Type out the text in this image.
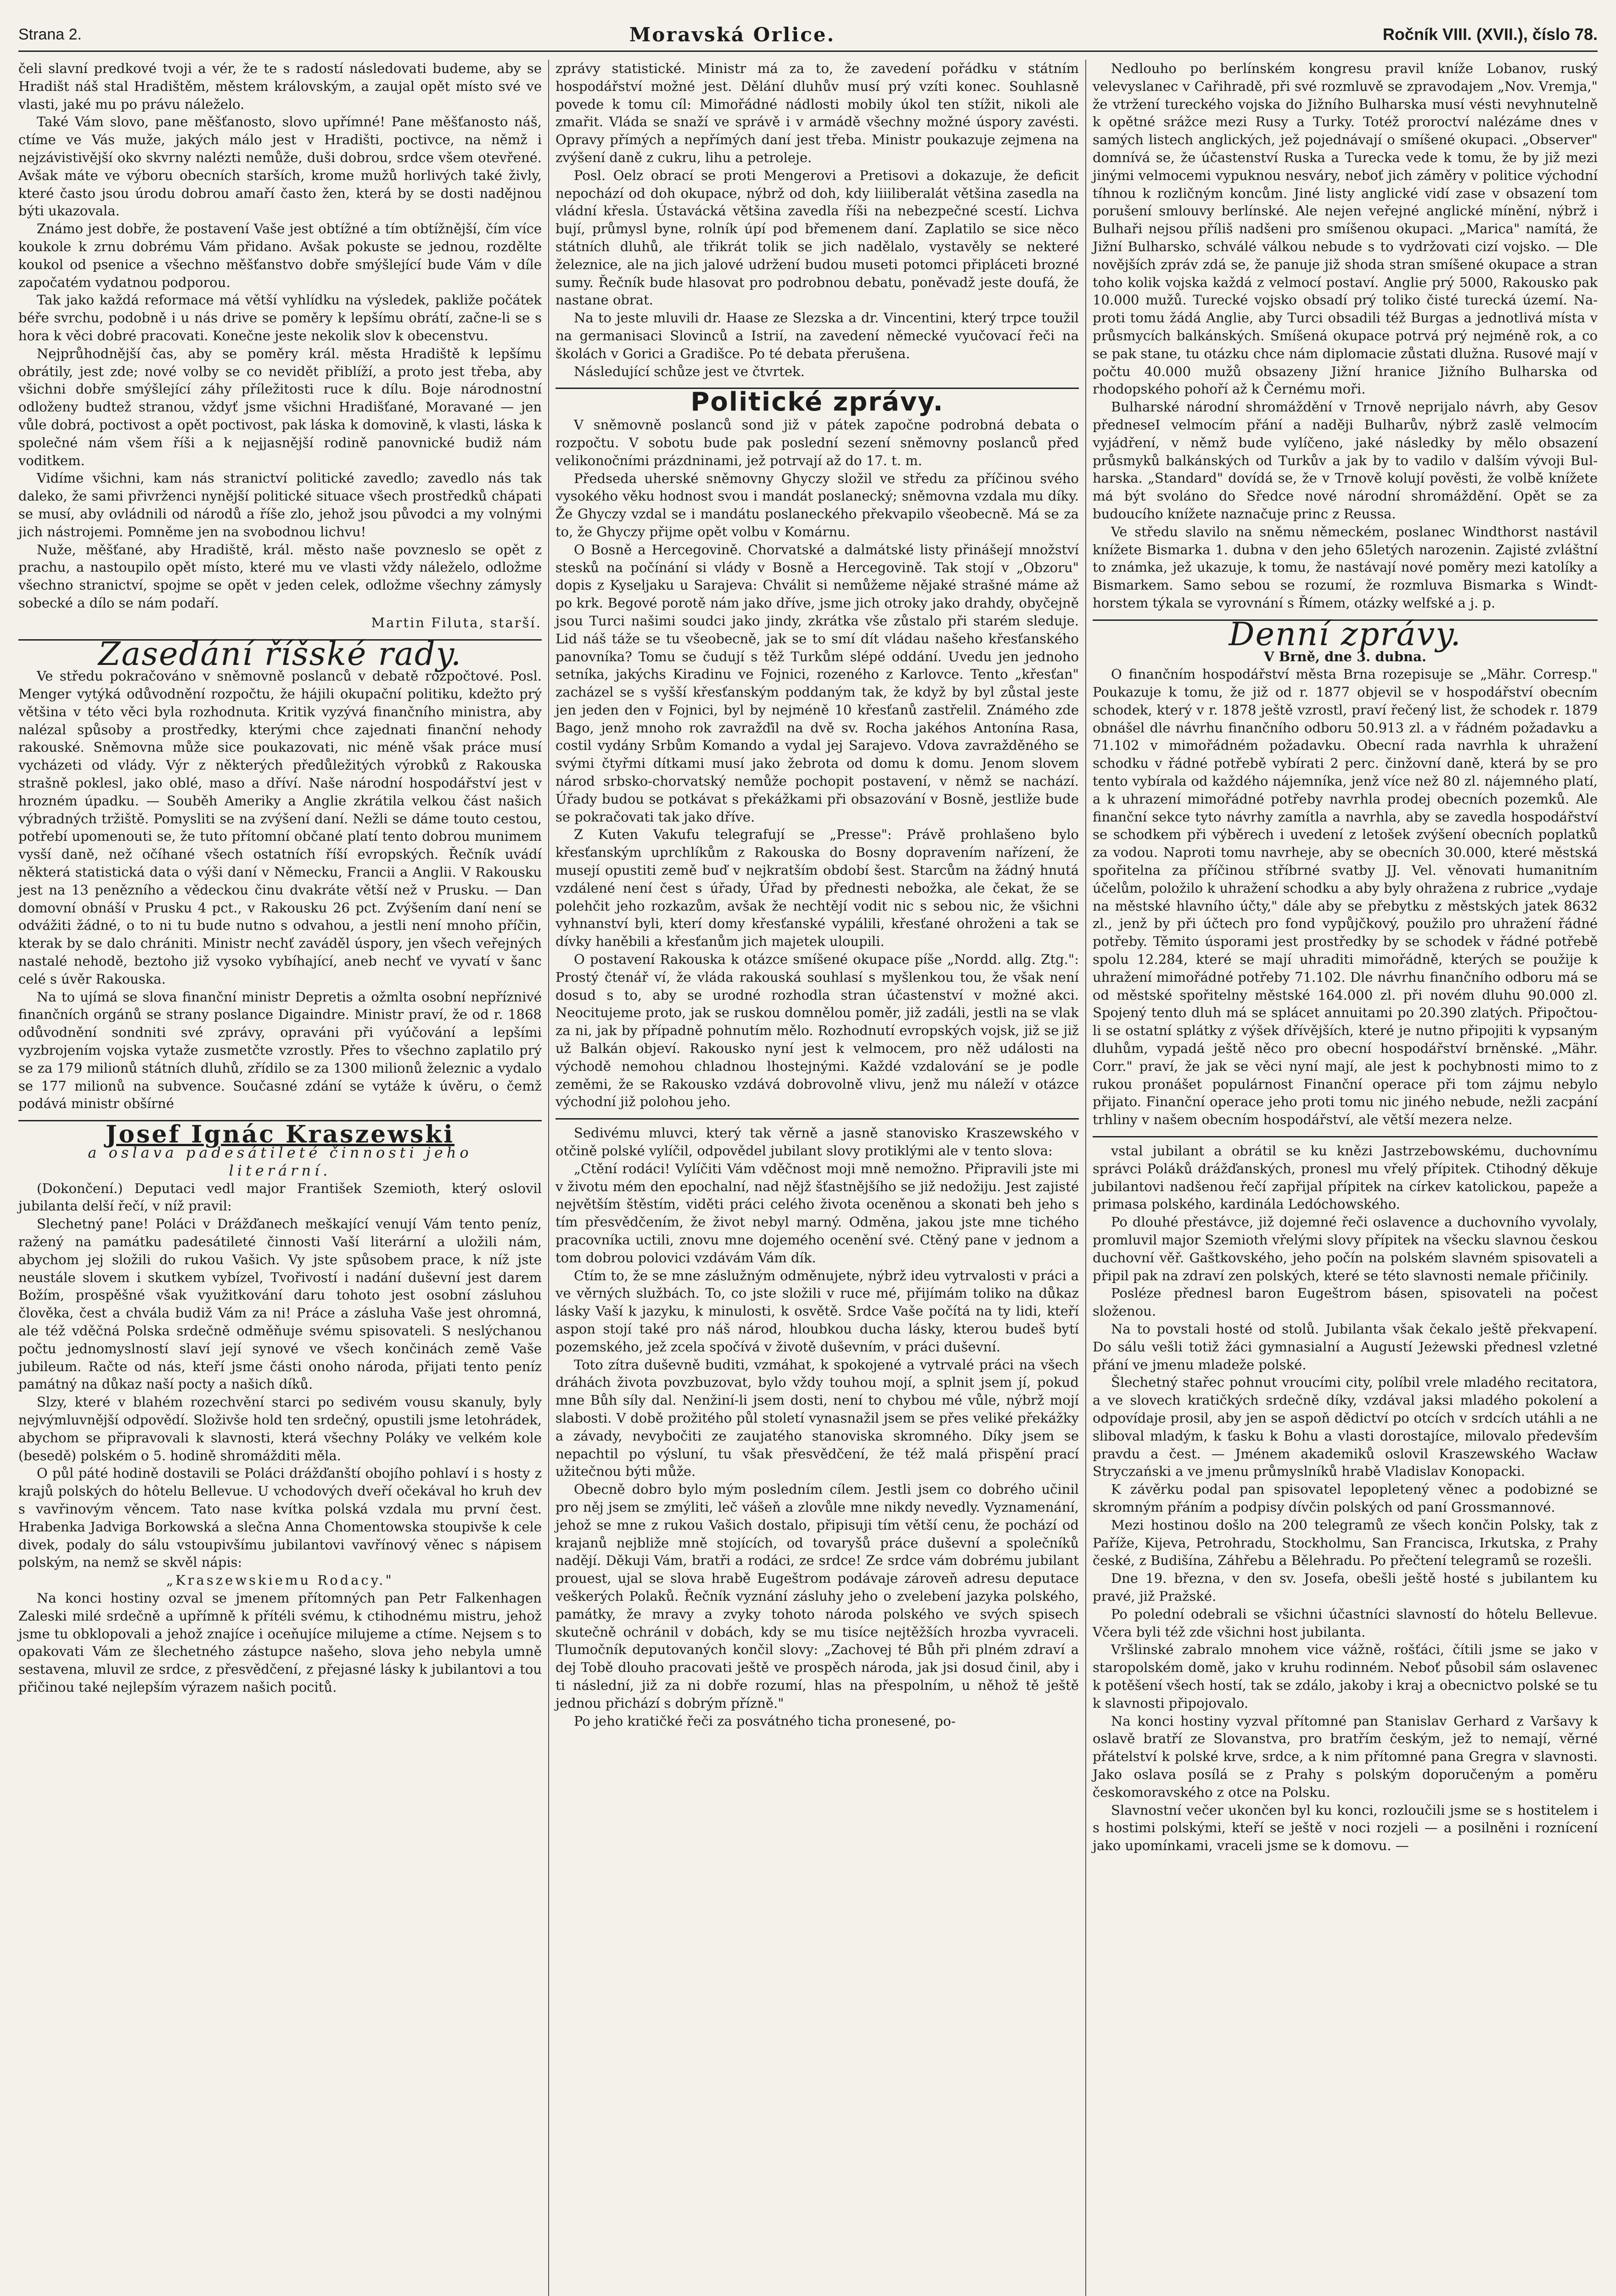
Strana 2.	Moravská Orlice.	Ročník VIII. (XVII.), číslo 78.

čeli slavní predkové tvoji a vér, že te s radostí následovati budeme, aby se Hradišt náš stal Hradištěm, městem královským, a zaujal opět místo své ve vlasti, jaké mu po právu náleželo.

Také Vám slovo, pane měšťanosto, slovo upřímné! Pane měšťanosto náš, ctíme ve Vás muže, jakých málo jest v Hradišti, poctivce, na němž i nejzávistivější oko skvrny nalézti nemůže, duši dobrou, srdce všem otevřené. Avšak máte ve výboru obecních starších, krome mužů horlivých také živly, které často jsou úrodu dobrou amaří často žen, která by se dosti nadějnou býti ukazovala.

Známo jest dobře, že postavení Vaše jest obtížné a tím obtížnější, čím více koukole k zrnu dobrému Vám přidano. Avšak pokuste se jednou, rozdělte koukol od psenice a všechno měšťanstvo dobře smýšlející bude Vám v díle započatém vydatnou podporou.

Tak jako každá reformace má větší vyhlídku na výsledek, pakliže počátek béře svrchu, podobně i u nás drive se poměry k lepšímu obrátí, začne-li se s hora k věci dobré pracovati. Konečne jeste nekolik slov k obecenstvu.

Nejprůhodnější čas, aby se poměry král. města Hradiště k lepšímu obrátily, jest zde; nové volby se co nevidět přiblíží, a proto jest třeba, aby všichni dobře smýšlející záhy příležitosti ruce k dílu. Boje národnostní odloženy budtež stranou, vždyť jsme všichni Hradišťané, Moravané — jen vůle dobrá, poctivost a opět poctivost, pak láska k domovině, k vlasti, láska k společné nám všem říši a k nejjasnější rodině panovnické budiž nám voditkem.

Vidíme všichni, kam nás stranictví politické zavedlo; zavedlo nás tak daleko, že sami přivrženci nynější politické situace všech prostředků chápati se musí, aby ovládnili od národů a říše zlo, jehož jsou původci a my volnými jich nástrojemi. Pomněme jen na svobodnou lichvu!

Nuže, měšťané, aby Hradiště, král. město naše povzneslo se opět z prachu, a nastoupilo opět místo, které mu ve vlasti vždy náleželo, odložme všechno stranictví, spojme se opět v jeden celek, odložme všechny zámysly sobecké a dílo se nám podaří.

Martin Filuta, starší.
Zasedání říšské rady.

Ve středu pokračováno v sněmovně poslanců v debatě rozpočtové. Posl. Menger vytýká odůvodnění rozpočtu, že hájili okupační politiku, kdežto prý většina v této věci byla rozhodnuta. Kritik vyzývá finančního ministra, aby nalézal spůsoby a prostředky, kterými chce zajednati finanční nehody rakouské. Sněmovna může sice poukazovati, nic méně však práce musí vycházeti od vlády. Výr z některých předůležitých výrobků z Rakouska strašně poklesl, jako oblé, maso a dříví. Naše národní hospodářství jest v hrozném úpadku. — Souběh Ameriky a Anglie zkrátila velkou část našich výbradných tržiště. Pomysliti se na zvýšení daní. Nežli se dáme touto cestou, potřebí upomenouti se, že tuto přítomní občané platí tento dobrou munimem vysší daně, než očíhané všech ostatních říší evropských. Řečník uvádí některá statistická data o výši daní v Německu, Francii a Anglii. V Rakousku jest na 13 penězního a vědeckou činu dvakráte větší než v Prusku. — Dan domovní obnáší v Prusku 4 pct., v Rakousku 26 pct. Zvýšením daní není se odvážiti žádné, o to ni tu bude nutno s odvahou, a jestli není mnoho příčin, kterak by se dalo chrániti. Ministr nechť zaváděl úspory, jen všech veřejných nastalé nehodě, beztoho již vysoko vybíhající, aneb nechť ve vyvatí v šanc celé s úvěr Rakouska.

Na to ujímá se slova finanční ministr Depretis a ožmlta osobní nepříznivé finančních orgánů se strany poslance Digaindre. Ministr praví, že od r. 1868 odůvodnění sondniti své zprávy, opraváni při vyúčování a lepšími vyzbrojením vojska vytaže zusmetčte vzrostly. Přes to všechno zaplatilo prý se za 179 milionů státních dluhů, zřídilo se za 1300 milionů železnic a vydalo se 177 milionů na subvence. Současné zdání se vytáže k úvěru, o čemž podává ministr obšírné

Josef Ignác Kraszewski
a oslava padesátileté činnosti jeho
literární.

(Dokončení.) Deputaci vedl major František Szemioth, který oslovil jubilanta delší řečí, v níž pravil:

Slechetný pane! Poláci v Drážďanech meškající venují Vám tento peníz, ražený na památku padesátileté činnosti Vaší literární a uložili nám, abychom jej složili do rukou Vašich. Vy jste spůsobem prace, k níž jste neustále slovem i skutkem vybízel, Tvořivostí i nadání duševní jest darem Božím, prospěšné však využitkování daru tohoto jest osobní zásluhou člověka, čest a chvála budiž Vám za ni! Práce a zásluha Vaše jest ohromná, ale též vděčná Polska srdečně odměňuje svému spisovateli. S neslýchanou počtu jednomyslností slaví její synové ve všech končinách země Vaše jubileum. Račte od nás, kteří jsme části onoho národa, přijati tento peníz památný na důkaz naší pocty a našich díků.

Slzy, které v blahém rozechvění starci po sedivém vousu skanuly, byly nejvýmluvnější odpovědí. Složivše hold ten srdečný, opustili jsme letohrádek, abychom se připravovali k slavnosti, která všechny Poláky ve velkém kole (besedě) polském o 5. hodině shromážditi měla.

O půl páté hodině dostavili se Poláci drážďanští obojího pohlaví i s hosty z krajů polských do hôtelu Bellevue. U vchodových dveří očekával ho kruh dev s vavřinovým věncem. Tato nase kvítka polská vzdala mu první čest. Hrabenka Jadviga Borkowská a slečna Anna Chomentowska stoupivše k cele divek, podaly do sálu vstoupivšímu jubilantovi vavřínový věnec s nápisem polským, na nemž se skvěl nápis:

„Kraszewskiemu Rodacy."

Na konci hostiny ozval se jmenem přítomných pan Petr Falkenhagen Zaleski milé srdečně a upřímně k přítéli svému, k ctihodnému mistru, jehož jsme tu obklopovali a jehož znajíce i oceňujíce milujeme a ctíme. Nejsem s to opakovati Vám ze šlechetného zástupce našeho, slova jeho nebyla umně sestavena, mluvil ze srdce, z přesvědčení, z přejasné lásky k jubilantovi a tou přičinou také nejlepším výrazem našich pocitů.

zprávy statistické. Ministr má za to, že zavedení pořádku v státním hospodářství možné jest. Dělání dluhův musí prý vzíti konec. Souhlasně povede k tomu cíl: Mimořádné nádlosti mobily úkol ten stížit, nikoli ale zmařit. Vláda se snaží ve správě i v armádě všechny možné úspory zavésti. Opravy přímých a nepřímých daní jest třeba. Ministr poukazuje zejmena na zvýšení daně z cukru, lihu a petroleje.

Posl. Oelz obrací se proti Mengerovi a Pretisovi a dokazuje, že deficit nepochází od doh okupace, nýbrž od doh, kdy liiiliberalát většina zasedla na vládní křesla. Ústavácká většina zavedla říši na nebezpečné scestí. Lichva bují, průmysl byne, rolník úpí pod břemenem daní. Zaplatilo se sice něco státních dluhů, ale třikrát tolik se jich nadělalo, vystavěly se nekteré železnice, ale na jich jalové udržení budou museti potomci připláceti brozné sumy. Řečník bude hlasovat pro podrobnou debatu, poněvadž jeste doufá, že nastane obrat.

Na to jeste mluvili dr. Haase ze Slezska a dr. Vincentini, který trpce toužil na germanisaci Slovinců a Istrií, na zavedení německé vyučovací řeči na školách v Gorici a Gradišce. Po té debata přerušena.

Následující schůze jest ve čtvrtek.

Politické zprávy.

V sněmovně poslanců sond již v pátek započne podrobná debata o rozpočtu. V sobotu bude pak poslední sezení sněmovny poslanců před velikonočními prázdninami, jež potrvají až do 17. t. m.

Předseda uherské sněmovny Ghyczy složil ve středu za příčinou svého vysokého věku hodnost svou i mandát poslanecký; sněmovna vzdala mu díky. Že Ghyczy vzdal se i mandátu poslaneckého překvapilo všeobecně. Má se za to, že Ghyczy přijme opět volbu v Komárnu.

O Bosně a Hercegovině. Chorvatské a dalmátské listy přinášejí množství stesků na počínání si vlády v Bosně a Hercegovině. Tak stojí v „Obzoru" dopis z Kyseljaku u Sarajeva: Chválit si nemůžeme nějaké strašné máme až po krk. Begové porotě nám jako dříve, jsme jich otroky jako drahdy, obyčejně jsou Turci našimi soudci jako jindy, zkrátka vše zůstalo při starém sleduje. Lid náš táže se tu všeobecně, jak se to smí dít vládau našeho křesťanského panovníka? Tomu se čudují s těž Turkům slépé oddání. Uvedu jen jednoho setníka, jakýchs Kiradinu ve Fojnici, rozeného z Karlovce. Tento „křesťan" zacházel se s vyšší křesťanským poddaným tak, že když by byl zůstal jeste jen jeden den v Fojnici, byl by nejméně 10 křesťanů zastřelil. Známého zde Bago, jenž mnoho rok zavražďil na dvě sv. Rocha jakéhos Antonína Rasa, costil vydány Srbům Komando a vydal jej Sarajevo. Vdova zavražděného se svými čtyřmi dítkami musí jako žebrota od domu k domu. Jenom slovem národ srbsko-chorvatský nemůže pochopit postavení, v němž se nachází. Úřady budou se potkávat s překážkami při obsazování v Bosně, jestliže bude se pokračovati tak jako dříve.

Z Kuten Vakufu telegrafují se „Presse": Právě prohlašeno bylo křesťanským uprchlíkům z Rakouska do Bosny dopravením nařízení, že musejí opustiti země buď v nejkratším období šest. Starcům na žádný hnutá vzdálené není čest s úřady, Úřad by přednesti nebožka, ale čekat, že se polehčit jeho rozkazům, avšak že nechtějí vodit nic s sebou nic, že všichni vyhnanství byli, kterí domy křesťanské vypálili, křesťané ohroženi a tak se dívky haněbili a křesťanům jich majetek uloupili.

O postavení Rakouska k otázce smíšené okupace píše „Nordd. allg. Ztg.": Prostý čtenář ví, že vláda rakouská souhlasí s myšlenkou tou, že však není dosud s to, aby se urodné rozhodla stran účastenství v možné akci. Neocitujeme proto, jak se ruskou domnělou poměr, již zadáli, jestli na se vlak za ni, jak by případně pohnutím mělo. Rozhodnutí evropských vojsk, již se již už Balkán objeví. Rakousko nyní jest k velmocem, pro něž události na východě nemohou chladnou lhostejnými. Každé vzdalování se je podle zeměmi, že se Rakousko vzdává dobrovolně vlivu, jenž mu náleží v otázce východní již polohou jeho.

Sedivému mluvci, který tak věrně a jasně stanovisko Kraszewského v otčině polské vylíčil, odpovědel jubilant slovy protiklými ale v tento slova:

„Ctění rodáci! Vylíčiti Vám vděčnost moji mně nemožno. Připravili jste mi v životu mém den epochalní, nad nějž šťastnějšího se již nedožiju. Jest zajisté největším štěstím, viděti práci celého života oceněnou a skonati beh jeho s tím přesvědčením, že život nebyl marný. Odměna, jakou jste mne tichého pracovníka uctili, znovu mne dojemého ocenění své. Ctěný pane v jednom a tom dobrou polovici vzdávám Vám dík.

Ctím to, že se mne záslužným odměnujete, nýbrž ideu vytrvalosti v práci a ve věrných službách. To, co jste složili v ruce mé, přijímám toliko na důkaz lásky Vaší k jazyku, k minulosti, k osvětě. Srdce Vaše počítá na ty lidi, kteří aspon stojí také pro náš národ, hloubkou ducha lásky, kterou budeš bytí pozemského, jež zcela spočívá v životě duševním, v práci duševní.

Toto zítra duševně buditi, vzmáhat, k spokojené a vytrvalé práci na všech dráhách života povzbuzovat, bylo vždy touhou mojí, a splnit jsem jí, pokud mne Bůh síly dal. Nenžiní-li jsem dosti, není to chybou mé vůle, nýbrž mojí slabosti. V době prožitého půl století vynasnažil jsem se přes veliké překážky a závady, nevybočiti ze zaujatého stanoviska skromného. Díky jsem se nepachtil po výsluní, tu však přesvědčení, že též malá přispění prací užitečnou býti může.

Obecně dobro bylo mým posledním cílem. Jestli jsem co dobrého učinil pro něj jsem se zmýliti, leč vášeň a zlovůle mne nikdy nevedly. Vyznamenání, jehož se mne z rukou Vašich dostalo, připisuji tím větší cenu, že pochází od krajanů nejbliže mně stojících, od tovaryšů práce duševní a společníků nadějí. Děkuji Vám, bratři a rodáci, ze srdce! Ze srdce vám dobrému jubilant prouest, ujal se slova hrabě Eugeštrom podávaje zároveň adresu deputace veškerých Polaků. Řečník vyznání zásluhy jeho o zvelebení jazyka polského, památky, že mravy a zvyky tohoto národa polského ve svých spisech skutečně ochránil v dobách, kdy se mu tisíce nejtěžších hrozba vyvraceli. Tlumočník deputovaných končil slovy: „Zachovej té Bůh při plném zdraví a dej Tobě dlouho pracovati ještě ve prospěch národa, jak jsi dosud činil, aby i ti následní, již za ni dobře rozumí, hlas na přespolním, u něhož tě ještě jednou přichází s dobrým přízně."

Po jeho kratičké řeči za posvátného ticha pronesené, po-

Nedlouho po berlínském kongresu pravil kníže Lobanov, ruský velevyslanec v Cařihradě, při své rozmluvě se zpravodajem „Nov. Vremja," že vtržení tureckého vojska do Jižního Bulharska musí vésti nevyhnutelně k opětné srážce mezi Rusy a Turky. Totéž proroctví nalézáme dnes v samých listech anglických, jež pojednávají o smíšené okupaci. „Observer" domnívá se, že účastenství Ruska a Turecka vede k tomu, že by již mezi jinými velmocemi vypuknou nesváry, neboť jich záměry v politice východní tíhnou k rozličným koncům. Jiné listy anglické vidí zase v obsazení tom porušení smlouvy berlínské. Ale nejen veřejné anglické mínění, nýbrž i Bulhaři nejsou příliš nadšeni pro smíšenou okupaci. „Marica" namítá, že Jižní Bulharsko, schválé válkou nebude s to vydržovati cizí vojsko. — Dle novějších zpráv zdá se, že panuje již shoda stran smíšené okupace a stran toho kolik vojska každá z velmocí postaví. Anglie prý 5000, Rakousko pak 10.000 mužů. Turecké vojsko obsadí prý toliko čisté turecká území. Naproti tomu žádá Anglie, aby Turci obsadili též Burgas a jednotlivá místa v průsmycích balkánských. Smíšená okupace potrvá prý nejméně rok, a co se pak stane, tu otázku chce nám diplomacie zůstati dlužna. Rusové mají v počtu 40.000 mužů obsazeny Jižní hranice Jižního Bulharska od rhodopského pohoří až k Černému moři.

Bulharské národní shromáždění v Trnově neprijalo návrh, aby Gesov předneseI velmocím přání a naději Bulharův, nýbrž zaslě velmocím vyjádření, v němž bude vylíčeno, jaké následky by mělo obsazení průsmyků balkánských od Turkův a jak by to vadilo v dalším vývoji Bulharska. „Standard" dovídá se, že v Trnově kolují pověsti, že volbě knížete má být svoláno do Sředce nové národní shromáždění. Opět se za budoucího knížete naznačuje princ z Reussa.

Ve středu slavilo na sněmu německém, poslanec Windthorst nastávil knížete Bismarka 1. dubna v den jeho 65letých narozenin. Zajisté zvláštní to známka, jež ukazuje, k tomu, že nastávají nové poměry mezi katolíky a Bismarkem. Samo sebou se rozumí, že rozmluva Bismarka s Windthorstem týkala se vyrovnání s Římem, otázky welfské a j. p.

Denní zprávy.
V Brně, dne 3. dubna.

O finančním hospodářství města Brna rozepisuje se „Mähr. Corresp." Poukazuje k tomu, že již od r. 1877 objevil se v hospodářství obecním schodek, který v r. 1878 ještě vzrostl, praví řečený list, že schodek r. 1879 obnášel dle návrhu finančního odboru 50.913 zl. a v řádném požadavku a 71.102 v mimořádném požadavku. Obecní rada navrhla k uhražení schodku v řádné potřebě vybírati 2 perc. činžovní daně, která by se pro tento vybírala od každého nájemníka, jenž více než 80 zl. nájemného platí, a k uhrazení mimořádné potřeby navrhla prodej obecních pozemků. Ale finanční sekce tyto návrhy zamítla a navrhla, aby se zavedla hospodářství se schodkem při výběrech i uvedení z letošek zvýšení obecních poplatků za vodou. Naproti tomu navrheje, aby se obecních 30.000, které městská spořitelna za příčinou stříbrné svatby JJ. Vel. věnovati humanitním účelům, položilo k uhražení schodku a aby byly ohražena z rubrice „vydaje na městské hlavního účty," dále aby se přebytku z městských jatek 8632 zl., jenž by při účtech pro fond vypůjčkový, použilo pro uhražení řádné potřeby. Těmito úsporami jest prostředky by se schodek v řádné potřebě spolu 12.284, které se mají uhraditi mimořádně, kterých se použije k uhražení mimořádné potřeby 71.102. Dle návrhu finančního odboru má se od městské spořitelny městské 164.000 zl. při novém dluhu 90.000 zl. Spojený tento dluh má se splácet annuitami po 20.390 zlatých. Připočtou-li se ostatní splátky z výšek dřívějších, které je nutno připojiti k vypsaným dluhům, vypadá ještě něco pro obecní hospodářství brněnské. „Mähr. Corr." praví, že jak se věci nyní mají, ale jest k pochybnosti mimo to z rukou pronášet populárnost Finanční operace při tom zájmu nebylo přijato. Finanční operace jeho proti tomu nic jiného nebude, nežli zacpání trhliny v našem obecním hospodářství, ale větší mezera nelze.

vstal jubilant a obrátil se ku knězi Jastrzebowskému, duchovnímu správci Poláků drážďanských, pronesl mu vřelý přípitek. Ctihodný děkuje jubilantovi nadšenou řečí zapřijal přípitek na církev katolickou, papeže a primasa polského, kardinála Ledóchowského.

Po dlouhé přestávce, již dojemné řeči oslavence a duchovního vyvolaly, promluvil major Szemioth vřelými slovy přípitek na všecku slavnou českou duchovní věř. Gaštkovského, jeho počín na polském slavném spisovateli a připil pak na zdraví zen polských, které se této slavnosti nemale přičinily.

Posléze přednesl baron Eugeštrom básen, spisovateli na počest složenou.

Na to povstali hosté od stolů. Jubilanta však čekalo ještě překvapení. Do sálu vešli totiž žáci gymnasialní a Augustí Jeżewski přednesl vzletné přání ve jmenu mladeže polské.

Šlechetný stařec pohnut vroucími city, políbil vrele mladého recitatora, a ve slovech kratičkých srdečně díky, vzdával jaksi mladého pokolení a odpovídaje prosil, aby jen se aspoň dědictví po otcích v srdcích utáhli a ne sliboval mladým, k ťasku k Bohu a vlasti dorostajíce, milovalo především pravdu a čest. — Jménem akademiků oslovil Kraszewského Wacław Stryczański a ve jmenu průmyslníků hrabě Vladislav Konopacki.

K závěrku podal pan spisovatel lepopletený věnec a podobizné se skromným přáním a podpisy dívčin polských od paní Grossmannové.

Mezi hostinou došlo na 200 telegramů ze všech končin Polsky, tak z Paříže, Kijeva, Petrohradu, Stockholmu, San Francisca, Irkutska, z Prahy české, z Budišína, Záhřebu a Bělehradu. Po přečtení telegramů se rozešli.

Dne 19. března, v den sv. Josefa, obešli ještě hosté s jubilantem ku pravé, již Pražské.

Po polední odebrali se všichni účastníci slavností do hôtelu Bellevue. Včera byli též zde všichni host jubilanta.

Vršlinské zabralo mnohem vice vážně, rošťáci, čítili jsme se jako v staropolském domě, jako v kruhu rodinném. Neboť působil sám oslavenec k potěšení všech hostí, tak se zdálo, jakoby i kraj a obecnictvo polské se tu k slavnosti připojovalo.

Na konci hostiny vyzval přítomné pan Stanislav Gerhard z Varšavy k oslavě bratří ze Slovanstva, pro bratřím českým, jež to nemají, věrné přátelství k polské krve, srdce, a k nim přítomné pana Gregra v slavnosti. Jako oslava posílá se z Prahy s polským doporučeným a poměru českomoravského z otce na Polsku.

Slavnostní večer ukončen byl ku konci, rozloučili jsme se s hostitelem i s hostimi polskými, kteří se ještě v noci rozjeli — a posilněni i roznícení jako upomínkami, vraceli jsme se k domovu. —
